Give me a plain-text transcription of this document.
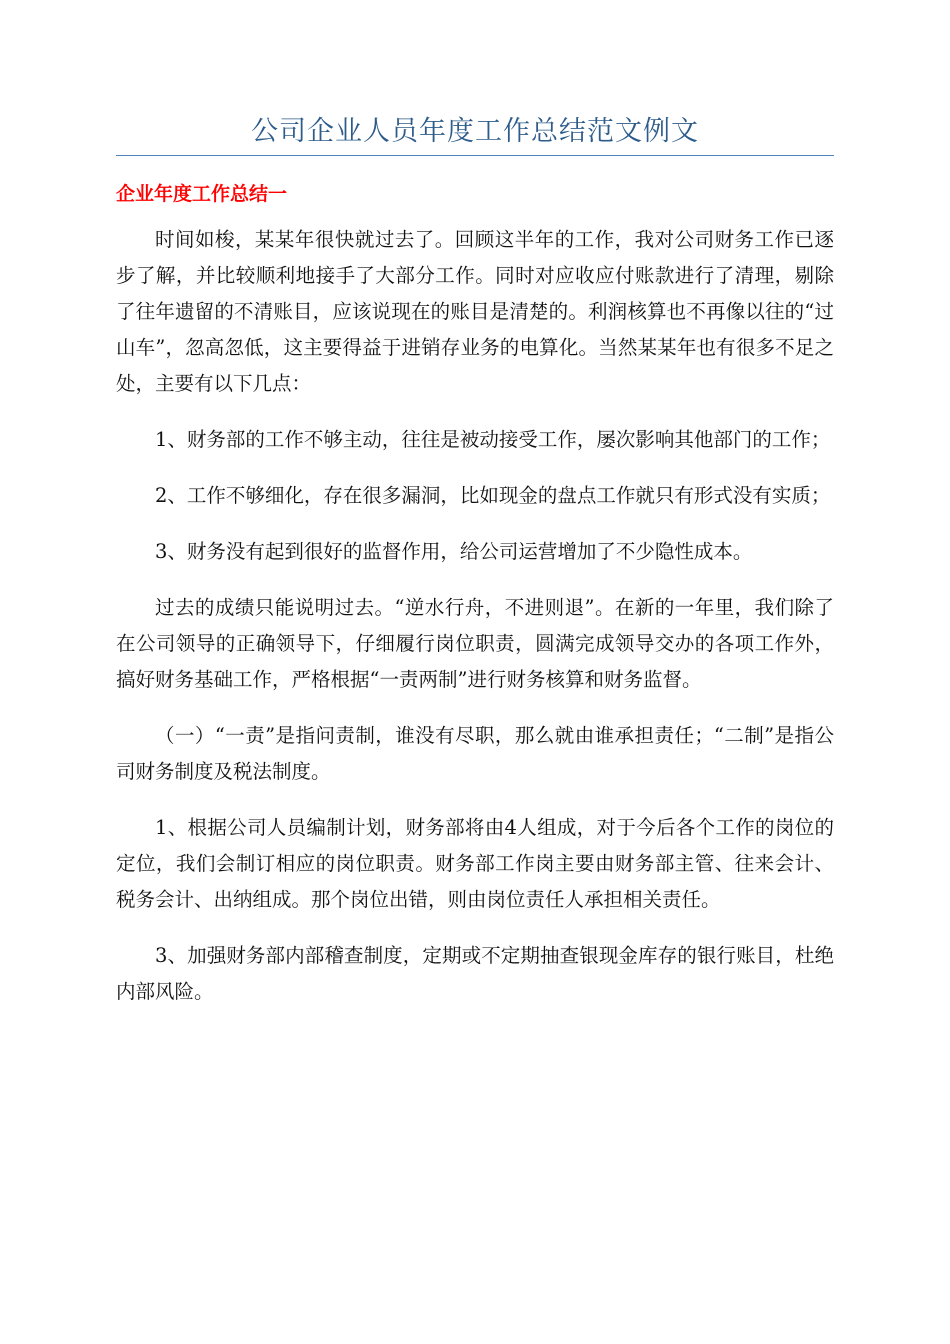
公司企业人员年度工作总结范文例文
企业年度工作总结一

时间如梭，某某年很快就过去了。回顾这半年的工作，我对公司财务工作已逐步了解，并比较顺利地接手了大部分工作。同时对应收应付账款进行了清理，剔除了往年遗留的不清账目，应该说现在的账目是清楚的。利润核算也不再像以往的“过山车”，忽高忽低，这主要得益于进销存业务的电算化。当然某某年也有很多不足之处，主要有以下几点：

1、财务部的工作不够主动，往往是被动接受工作，屡次影响其他部门的工作；

2、工作不够细化，存在很多漏洞，比如现金的盘点工作就只有形式没有实质；

3、财务没有起到很好的监督作用，给公司运营增加了不少隐性成本。

过去的成绩只能说明过去。“逆水行舟，不进则退”。在新的一年里，我们除了在公司领导的正确领导下，仔细履行岗位职责，圆满完成领导交办的各项工作外，搞好财务基础工作，严格根据“一责两制”进行财务核算和财务监督。

（一）“一责”是指问责制，谁没有尽职，那么就由谁承担责任；“二制”是指公司财务制度及税法制度。

1、根据公司人员编制计划，财务部将由4人组成，对于今后各个工作的岗位的定位，我们会制订相应的岗位职责。财务部工作岗主要由财务部主管、往来会计、税务会计、出纳组成。那个岗位出错，则由岗位责任人承担相关责任。

3、加强财务部内部稽查制度，定期或不定期抽查银现金库存的银行账目，杜绝内部风险。
